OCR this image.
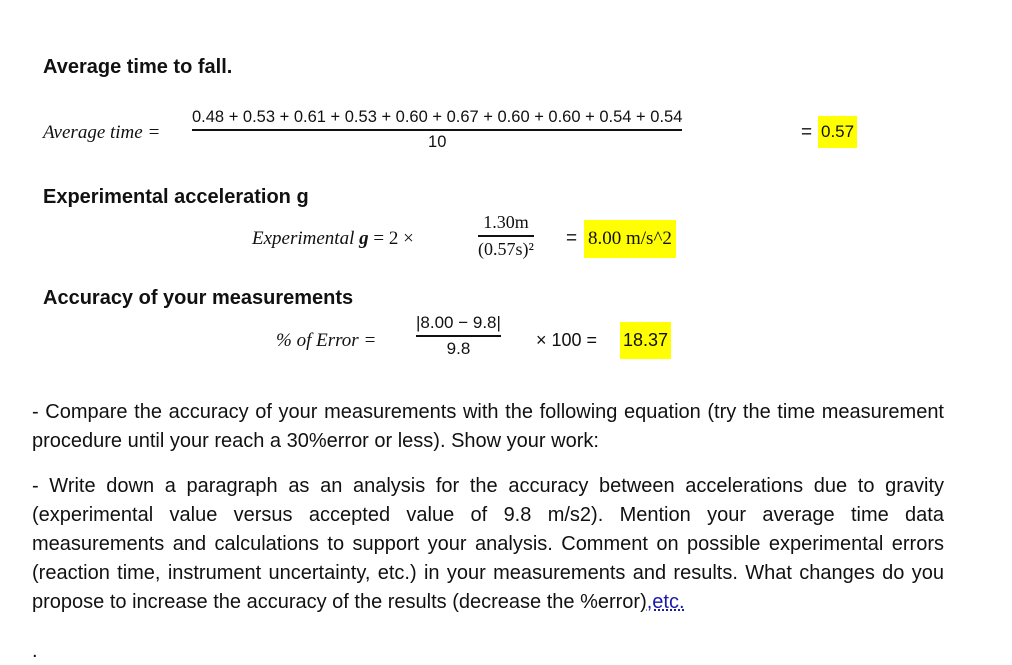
Average time to fall.
Average time =
0.48 + 0.53 + 0.61 + 0.53 + 0.60 + 0.67 + 0.60 + 0.60 + 0.54 + 0.54
10	= 0.57
Experimental acceleration g
Experimental g = 2 ×
1.30m
(0.57s)² = 8.00 m/s^2
Accuracy of your measurements
% of Error =
|8.00 − 9.8|
9.8	× 100 = 18.37
- Compare the accuracy of your measurements with the following equation (try the time measurement procedure until your reach a 30%error or less). Show your work:
- Write down a paragraph as an analysis for the accuracy between accelerations due to gravity (experimental value versus accepted value of 9.8 m/s2). Mention your average time data measurements and calculations to support your analysis. Comment on possible experimental errors (reaction time, instrument uncertainty, etc.) in your measurements and results. What changes do you propose to increase the accuracy of the results (decrease the %error),etc.
.
